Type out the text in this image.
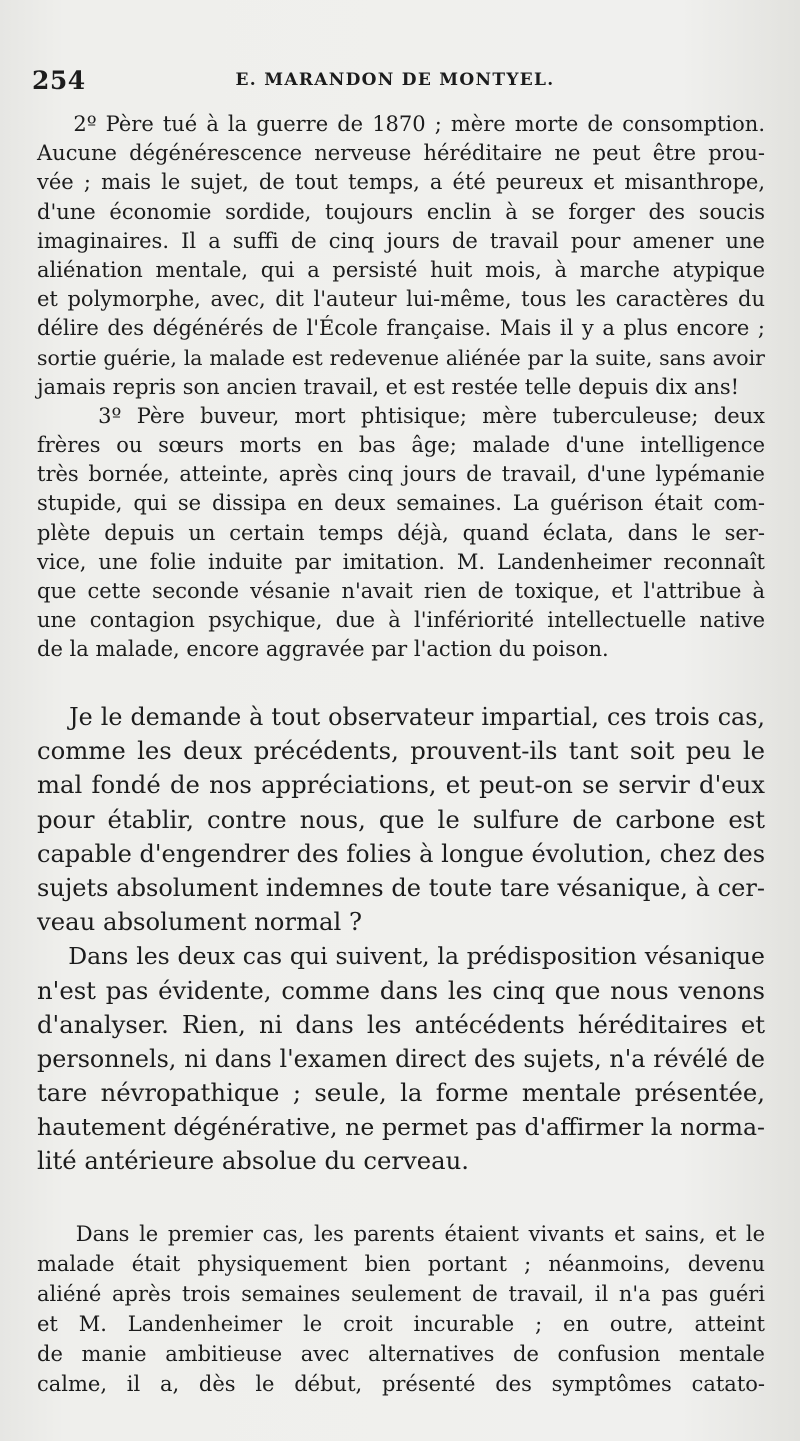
254	E. MARANDON DE MONTYEL.
2º Père tué à la guerre de 1870 ; mère morte de consomption.
Aucune dégénérescence nerveuse héréditaire ne peut être prou-
vée ; mais le sujet, de tout temps, a été peureux et misanthrope,
d'une économie sordide, toujours enclin à se forger des soucis
imaginaires. Il a suffi de cinq jours de travail pour amener une
aliénation mentale, qui a persisté huit mois, à marche atypique
et polymorphe, avec, dit l'auteur lui-même, tous les caractères du
délire des dégénérés de l'École française. Mais il y a plus encore ;
sortie guérie, la malade est redevenue aliénée par la suite, sans avoir
jamais repris son ancien travail, et est restée telle depuis dix ans!
3º Père buveur, mort phtisique; mère tuberculeuse; deux
frères ou sœurs morts en bas âge; malade d'une intelligence
très bornée, atteinte, après cinq jours de travail, d'une lypémanie
stupide, qui se dissipa en deux semaines. La guérison était com-
plète depuis un certain temps déjà, quand éclata, dans le ser-
vice, une folie induite par imitation. M. Landenheimer reconnaît
que cette seconde vésanie n'avait rien de toxique, et l'attribue à
une contagion psychique, due à l'infériorité intellectuelle native
de la malade, encore aggravée par l'action du poison.
Je le demande à tout observateur impartial, ces trois cas,
comme les deux précédents, prouvent-ils tant soit peu le
mal fondé de nos appréciations, et peut-on se servir d'eux
pour établir, contre nous, que le sulfure de carbone est
capable d'engendrer des folies à longue évolution, chez des
sujets absolument indemnes de toute tare vésanique, à cer-
veau absolument normal ?
Dans les deux cas qui suivent, la prédisposition vésanique
n'est pas évidente, comme dans les cinq que nous venons
d'analyser. Rien, ni dans les antécédents héréditaires et
personnels, ni dans l'examen direct des sujets, n'a révélé de
tare névropathique ; seule, la forme mentale présentée,
hautement dégénérative, ne permet pas d'affirmer la norma-
lité antérieure absolue du cerveau.
Dans le premier cas, les parents étaient vivants et sains, et le
malade était physiquement bien portant ; néanmoins, devenu
aliéné après trois semaines seulement de travail, il n'a pas guéri
et M. Landenheimer le croit incurable ; en outre, atteint
de manie ambitieuse avec alternatives de confusion mentale
calme, il a, dès le début, présenté des symptômes catato-
